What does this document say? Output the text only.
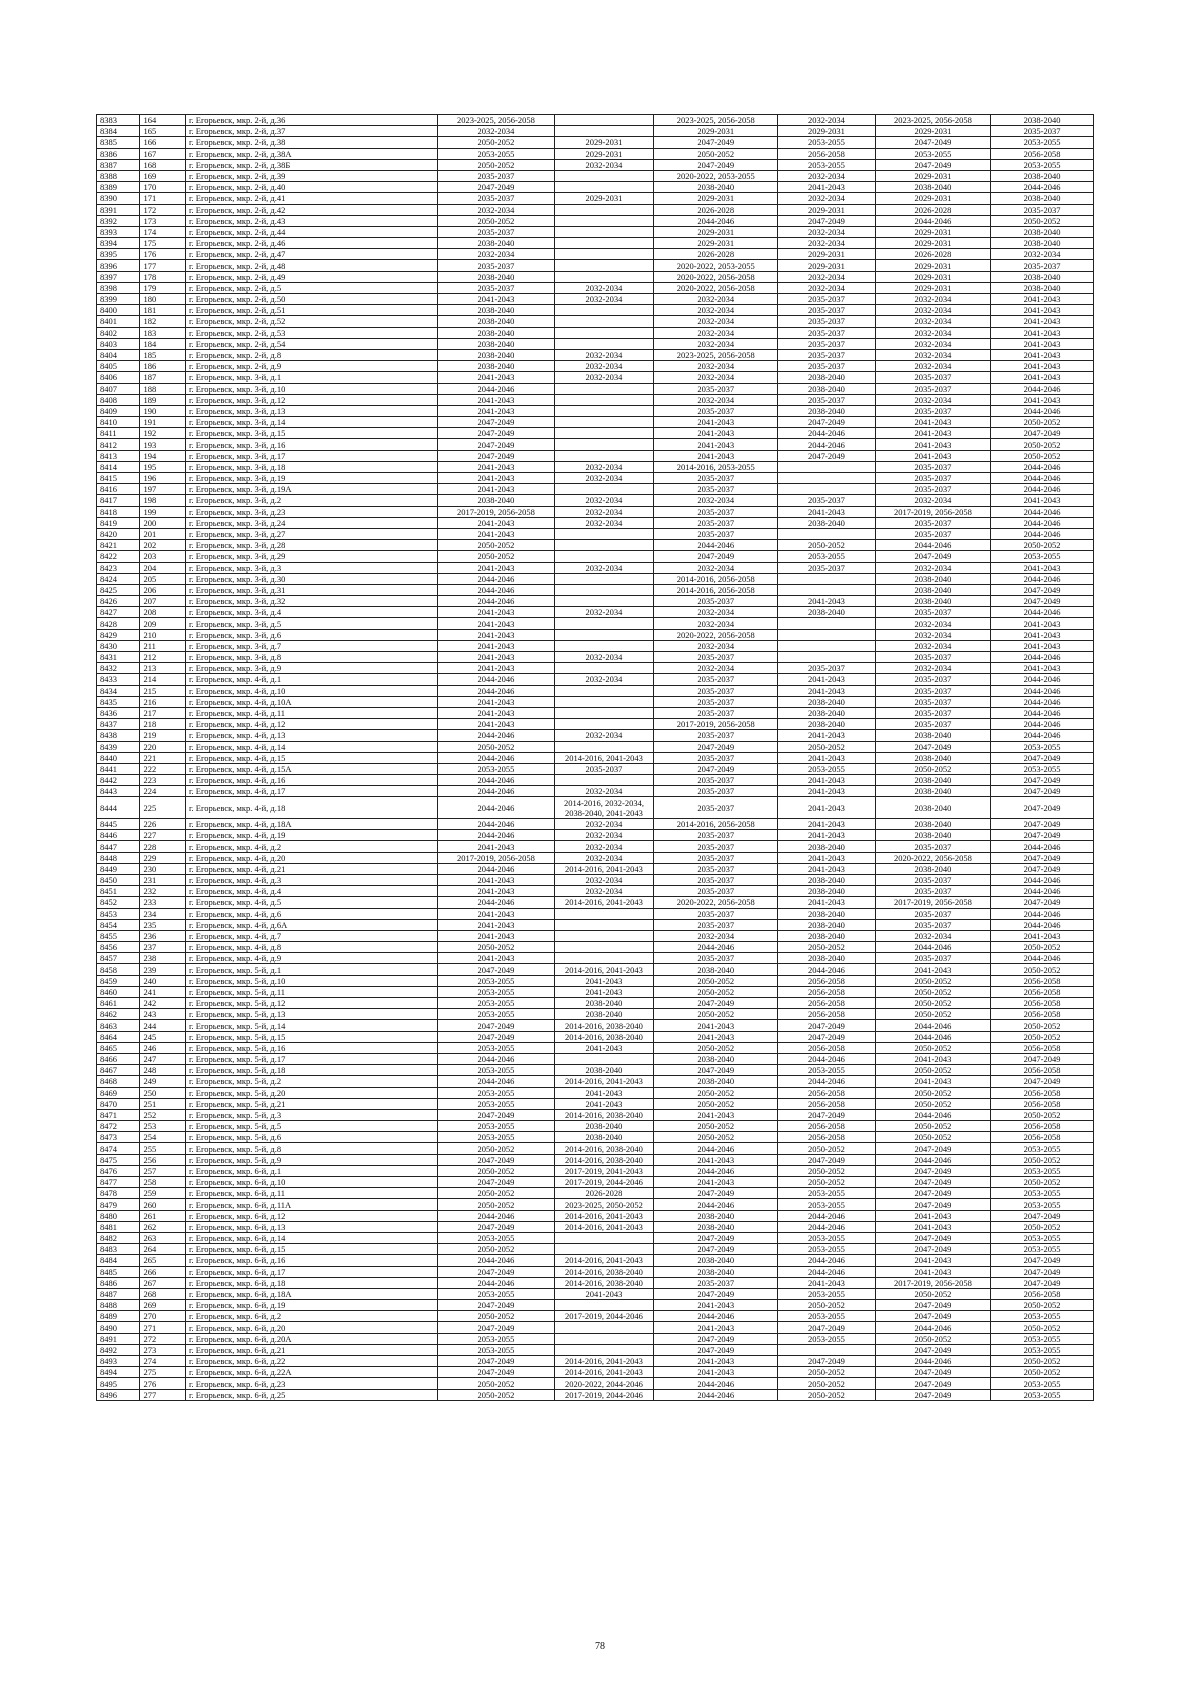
8383	164	г. Егорьевск, мкр. 2-й, д.36	2023-2025, 2056-2058		2023-2025, 2056-2058	2032-2034	2023-2025, 2056-2058	2038-2040
8384	165	г. Егорьевск, мкр. 2-й, д.37	2032-2034		2029-2031	2029-2031	2029-2031	2035-2037
8385	166	г. Егорьевск, мкр. 2-й, д.38	2050-2052	2029-2031	2047-2049	2053-2055	2047-2049	2053-2055
8386	167	г. Егорьевск, мкр. 2-й, д.38А	2053-2055	2029-2031	2050-2052	2056-2058	2053-2055	2056-2058
8387	168	г. Егорьевск, мкр. 2-й, д.38Б	2050-2052	2032-2034	2047-2049	2053-2055	2047-2049	2053-2055
8388	169	г. Егорьевск, мкр. 2-й, д.39	2035-2037		2020-2022, 2053-2055	2032-2034	2029-2031	2038-2040
8389	170	г. Егорьевск, мкр. 2-й, д.40	2047-2049		2038-2040	2041-2043	2038-2040	2044-2046
8390	171	г. Егорьевск, мкр. 2-й, д.41	2035-2037	2029-2031	2029-2031	2032-2034	2029-2031	2038-2040
8391	172	г. Егорьевск, мкр. 2-й, д.42	2032-2034		2026-2028	2029-2031	2026-2028	2035-2037
8392	173	г. Егорьевск, мкр. 2-й, д.43	2050-2052		2044-2046	2047-2049	2044-2046	2050-2052
8393	174	г. Егорьевск, мкр. 2-й, д.44	2035-2037		2029-2031	2032-2034	2029-2031	2038-2040
8394	175	г. Егорьевск, мкр. 2-й, д.46	2038-2040		2029-2031	2032-2034	2029-2031	2038-2040
8395	176	г. Егорьевск, мкр. 2-й, д.47	2032-2034		2026-2028	2029-2031	2026-2028	2032-2034
8396	177	г. Егорьевск, мкр. 2-й, д.48	2035-2037		2020-2022, 2053-2055	2029-2031	2029-2031	2035-2037
8397	178	г. Егорьевск, мкр. 2-й, д.49	2038-2040		2020-2022, 2056-2058	2032-2034	2029-2031	2038-2040
8398	179	г. Егорьевск, мкр. 2-й, д.5	2035-2037	2032-2034	2020-2022, 2056-2058	2032-2034	2029-2031	2038-2040
8399	180	г. Егорьевск, мкр. 2-й, д.50	2041-2043	2032-2034	2032-2034	2035-2037	2032-2034	2041-2043
8400	181	г. Егорьевск, мкр. 2-й, д.51	2038-2040		2032-2034	2035-2037	2032-2034	2041-2043
8401	182	г. Егорьевск, мкр. 2-й, д.52	2038-2040		2032-2034	2035-2037	2032-2034	2041-2043
8402	183	г. Егорьевск, мкр. 2-й, д.53	2038-2040		2032-2034	2035-2037	2032-2034	2041-2043
8403	184	г. Егорьевск, мкр. 2-й, д.54	2038-2040		2032-2034	2035-2037	2032-2034	2041-2043
8404	185	г. Егорьевск, мкр. 2-й, д.8	2038-2040	2032-2034	2023-2025, 2056-2058	2035-2037	2032-2034	2041-2043
8405	186	г. Егорьевск, мкр. 2-й, д.9	2038-2040	2032-2034	2032-2034	2035-2037	2032-2034	2041-2043
8406	187	г. Егорьевск, мкр. 3-й, д.1	2041-2043	2032-2034	2032-2034	2038-2040	2035-2037	2041-2043
8407	188	г. Егорьевск, мкр. 3-й, д.10	2044-2046		2035-2037	2038-2040	2035-2037	2044-2046
8408	189	г. Егорьевск, мкр. 3-й, д.12	2041-2043		2032-2034	2035-2037	2032-2034	2041-2043
8409	190	г. Егорьевск, мкр. 3-й, д.13	2041-2043		2035-2037	2038-2040	2035-2037	2044-2046
8410	191	г. Егорьевск, мкр. 3-й, д.14	2047-2049		2041-2043	2047-2049	2041-2043	2050-2052
8411	192	г. Егорьевск, мкр. 3-й, д.15	2047-2049		2041-2043	2044-2046	2041-2043	2047-2049
8412	193	г. Егорьевск, мкр. 3-й, д.16	2047-2049		2041-2043	2044-2046	2041-2043	2050-2052
8413	194	г. Егорьевск, мкр. 3-й, д.17	2047-2049		2041-2043	2047-2049	2041-2043	2050-2052
8414	195	г. Егорьевск, мкр. 3-й, д.18	2041-2043	2032-2034	2014-2016, 2053-2055		2035-2037	2044-2046
8415	196	г. Егорьевск, мкр. 3-й, д.19	2041-2043	2032-2034	2035-2037		2035-2037	2044-2046
8416	197	г. Егорьевск, мкр. 3-й, д.19А	2041-2043		2035-2037		2035-2037	2044-2046
8417	198	г. Егорьевск, мкр. 3-й, д.2	2038-2040	2032-2034	2032-2034	2035-2037	2032-2034	2041-2043
8418	199	г. Егорьевск, мкр. 3-й, д.23	2017-2019, 2056-2058	2032-2034	2035-2037	2041-2043	2017-2019, 2056-2058	2044-2046
8419	200	г. Егорьевск, мкр. 3-й, д.24	2041-2043	2032-2034	2035-2037	2038-2040	2035-2037	2044-2046
8420	201	г. Егорьевск, мкр. 3-й, д.27	2041-2043		2035-2037		2035-2037	2044-2046
8421	202	г. Егорьевск, мкр. 3-й, д.28	2050-2052		2044-2046	2050-2052	2044-2046	2050-2052
8422	203	г. Егорьевск, мкр. 3-й, д.29	2050-2052		2047-2049	2053-2055	2047-2049	2053-2055
8423	204	г. Егорьевск, мкр. 3-й, д.3	2041-2043	2032-2034	2032-2034	2035-2037	2032-2034	2041-2043
8424	205	г. Егорьевск, мкр. 3-й, д.30	2044-2046		2014-2016, 2056-2058		2038-2040	2044-2046
8425	206	г. Егорьевск, мкр. 3-й, д.31	2044-2046		2014-2016, 2056-2058		2038-2040	2047-2049
8426	207	г. Егорьевск, мкр. 3-й, д.32	2044-2046		2035-2037	2041-2043	2038-2040	2047-2049
8427	208	г. Егорьевск, мкр. 3-й, д.4	2041-2043	2032-2034	2032-2034	2038-2040	2035-2037	2044-2046
8428	209	г. Егорьевск, мкр. 3-й, д.5	2041-2043		2032-2034		2032-2034	2041-2043
8429	210	г. Егорьевск, мкр. 3-й, д.6	2041-2043		2020-2022, 2056-2058		2032-2034	2041-2043
8430	211	г. Егорьевск, мкр. 3-й, д.7	2041-2043		2032-2034		2032-2034	2041-2043
8431	212	г. Егорьевск, мкр. 3-й, д.8	2041-2043	2032-2034	2035-2037		2035-2037	2044-2046
8432	213	г. Егорьевск, мкр. 3-й, д.9	2041-2043		2032-2034	2035-2037	2032-2034	2041-2043
8433	214	г. Егорьевск, мкр. 4-й, д.1	2044-2046	2032-2034	2035-2037	2041-2043	2035-2037	2044-2046
8434	215	г. Егорьевск, мкр. 4-й, д.10	2044-2046		2035-2037	2041-2043	2035-2037	2044-2046
8435	216	г. Егорьевск, мкр. 4-й, д.10А	2041-2043		2035-2037	2038-2040	2035-2037	2044-2046
8436	217	г. Егорьевск, мкр. 4-й, д.11	2041-2043		2035-2037	2038-2040	2035-2037	2044-2046
8437	218	г. Егорьевск, мкр. 4-й, д.12	2041-2043		2017-2019, 2056-2058	2038-2040	2035-2037	2044-2046
8438	219	г. Егорьевск, мкр. 4-й, д.13	2044-2046	2032-2034	2035-2037	2041-2043	2038-2040	2044-2046
8439	220	г. Егорьевск, мкр. 4-й, д.14	2050-2052		2047-2049	2050-2052	2047-2049	2053-2055
8440	221	г. Егорьевск, мкр. 4-й, д.15	2044-2046	2014-2016, 2041-2043	2035-2037	2041-2043	2038-2040	2047-2049
8441	222	г. Егорьевск, мкр. 4-й, д.15А	2053-2055	2035-2037	2047-2049	2053-2055	2050-2052	2053-2055
8442	223	г. Егорьевск, мкр. 4-й, д.16	2044-2046		2035-2037	2041-2043	2038-2040	2047-2049
8443	224	г. Егорьевск, мкр. 4-й, д.17	2044-2046	2032-2034	2035-2037	2041-2043	2038-2040	2047-2049
8444	225	г. Егорьевск, мкр. 4-й, д.18	2044-2046	2014-2016, 2032-2034, 2038-2040, 2041-2043	2035-2037	2041-2043	2038-2040	2047-2049
8445	226	г. Егорьевск, мкр. 4-й, д.18А	2044-2046	2032-2034	2014-2016, 2056-2058	2041-2043	2038-2040	2047-2049
8446	227	г. Егорьевск, мкр. 4-й, д.19	2044-2046	2032-2034	2035-2037	2041-2043	2038-2040	2047-2049
8447	228	г. Егорьевск, мкр. 4-й, д.2	2041-2043	2032-2034	2035-2037	2038-2040	2035-2037	2044-2046
8448	229	г. Егорьевск, мкр. 4-й, д.20	2017-2019, 2056-2058	2032-2034	2035-2037	2041-2043	2020-2022, 2056-2058	2047-2049
8449	230	г. Егорьевск, мкр. 4-й, д.21	2044-2046	2014-2016, 2041-2043	2035-2037	2041-2043	2038-2040	2047-2049
8450	231	г. Егорьевск, мкр. 4-й, д.3	2041-2043	2032-2034	2035-2037	2038-2040	2035-2037	2044-2046
8451	232	г. Егорьевск, мкр. 4-й, д.4	2041-2043	2032-2034	2035-2037	2038-2040	2035-2037	2044-2046
8452	233	г. Егорьевск, мкр. 4-й, д.5	2044-2046	2014-2016, 2041-2043	2020-2022, 2056-2058	2041-2043	2017-2019, 2056-2058	2047-2049
8453	234	г. Егорьевск, мкр. 4-й, д.6	2041-2043		2035-2037	2038-2040	2035-2037	2044-2046
8454	235	г. Егорьевск, мкр. 4-й, д.6А	2041-2043		2035-2037	2038-2040	2035-2037	2044-2046
8455	236	г. Егорьевск, мкр. 4-й, д.7	2041-2043		2032-2034	2038-2040	2032-2034	2041-2043
8456	237	г. Егорьевск, мкр. 4-й, д.8	2050-2052		2044-2046	2050-2052	2044-2046	2050-2052
8457	238	г. Егорьевск, мкр. 4-й, д.9	2041-2043		2035-2037	2038-2040	2035-2037	2044-2046
8458	239	г. Егорьевск, мкр. 5-й, д.1	2047-2049	2014-2016, 2041-2043	2038-2040	2044-2046	2041-2043	2050-2052
8459	240	г. Егорьевск, мкр. 5-й, д.10	2053-2055	2041-2043	2050-2052	2056-2058	2050-2052	2056-2058
8460	241	г. Егорьевск, мкр. 5-й, д.11	2053-2055	2041-2043	2050-2052	2056-2058	2050-2052	2056-2058
8461	242	г. Егорьевск, мкр. 5-й, д.12	2053-2055	2038-2040	2047-2049	2056-2058	2050-2052	2056-2058
8462	243	г. Егорьевск, мкр. 5-й, д.13	2053-2055	2038-2040	2050-2052	2056-2058	2050-2052	2056-2058
8463	244	г. Егорьевск, мкр. 5-й, д.14	2047-2049	2014-2016, 2038-2040	2041-2043	2047-2049	2044-2046	2050-2052
8464	245	г. Егорьевск, мкр. 5-й, д.15	2047-2049	2014-2016, 2038-2040	2041-2043	2047-2049	2044-2046	2050-2052
8465	246	г. Егорьевск, мкр. 5-й, д.16	2053-2055	2041-2043	2050-2052	2056-2058	2050-2052	2056-2058
8466	247	г. Егорьевск, мкр. 5-й, д.17	2044-2046		2038-2040	2044-2046	2041-2043	2047-2049
8467	248	г. Егорьевск, мкр. 5-й, д.18	2053-2055	2038-2040	2047-2049	2053-2055	2050-2052	2056-2058
8468	249	г. Егорьевск, мкр. 5-й, д.2	2044-2046	2014-2016, 2041-2043	2038-2040	2044-2046	2041-2043	2047-2049
8469	250	г. Егорьевск, мкр. 5-й, д.20	2053-2055	2041-2043	2050-2052	2056-2058	2050-2052	2056-2058
8470	251	г. Егорьевск, мкр. 5-й, д.21	2053-2055	2041-2043	2050-2052	2056-2058	2050-2052	2056-2058
8471	252	г. Егорьевск, мкр. 5-й, д.3	2047-2049	2014-2016, 2038-2040	2041-2043	2047-2049	2044-2046	2050-2052
8472	253	г. Егорьевск, мкр. 5-й, д.5	2053-2055	2038-2040	2050-2052	2056-2058	2050-2052	2056-2058
8473	254	г. Егорьевск, мкр. 5-й, д.6	2053-2055	2038-2040	2050-2052	2056-2058	2050-2052	2056-2058
8474	255	г. Егорьевск, мкр. 5-й, д.8	2050-2052	2014-2016, 2038-2040	2044-2046	2050-2052	2047-2049	2053-2055
8475	256	г. Егорьевск, мкр. 5-й, д.9	2047-2049	2014-2016, 2038-2040	2041-2043	2047-2049	2044-2046	2050-2052
8476	257	г. Егорьевск, мкр. 6-й, д.1	2050-2052	2017-2019, 2041-2043	2044-2046	2050-2052	2047-2049	2053-2055
8477	258	г. Егорьевск, мкр. 6-й, д.10	2047-2049	2017-2019, 2044-2046	2041-2043	2050-2052	2047-2049	2050-2052
8478	259	г. Егорьевск, мкр. 6-й, д.11	2050-2052	2026-2028	2047-2049	2053-2055	2047-2049	2053-2055
8479	260	г. Егорьевск, мкр. 6-й, д.11А	2050-2052	2023-2025, 2050-2052	2044-2046	2053-2055	2047-2049	2053-2055
8480	261	г. Егорьевск, мкр. 6-й, д.12	2044-2046	2014-2016, 2041-2043	2038-2040	2044-2046	2041-2043	2047-2049
8481	262	г. Егорьевск, мкр. 6-й, д.13	2047-2049	2014-2016, 2041-2043	2038-2040	2044-2046	2041-2043	2050-2052
8482	263	г. Егорьевск, мкр. 6-й, д.14	2053-2055		2047-2049	2053-2055	2047-2049	2053-2055
8483	264	г. Егорьевск, мкр. 6-й, д.15	2050-2052		2047-2049	2053-2055	2047-2049	2053-2055
8484	265	г. Егорьевск, мкр. 6-й, д.16	2044-2046	2014-2016, 2041-2043	2038-2040	2044-2046	2041-2043	2047-2049
8485	266	г. Егорьевск, мкр. 6-й, д.17	2047-2049	2014-2016, 2038-2040	2038-2040	2044-2046	2041-2043	2047-2049
8486	267	г. Егорьевск, мкр. 6-й, д.18	2044-2046	2014-2016, 2038-2040	2035-2037	2041-2043	2017-2019, 2056-2058	2047-2049
8487	268	г. Егорьевск, мкр. 6-й, д.18А	2053-2055	2041-2043	2047-2049	2053-2055	2050-2052	2056-2058
8488	269	г. Егорьевск, мкр. 6-й, д.19	2047-2049		2041-2043	2050-2052	2047-2049	2050-2052
8489	270	г. Егорьевск, мкр. 6-й, д.2	2050-2052	2017-2019, 2044-2046	2044-2046	2053-2055	2047-2049	2053-2055
8490	271	г. Егорьевск, мкр. 6-й, д.20	2047-2049		2041-2043	2047-2049	2044-2046	2050-2052
8491	272	г. Егорьевск, мкр. 6-й, д.20А	2053-2055		2047-2049	2053-2055	2050-2052	2053-2055
8492	273	г. Егорьевск, мкр. 6-й, д.21	2053-2055		2047-2049		2047-2049	2053-2055
8493	274	г. Егорьевск, мкр. 6-й, д.22	2047-2049	2014-2016, 2041-2043	2041-2043	2047-2049	2044-2046	2050-2052
8494	275	г. Егорьевск, мкр. 6-й, д.22А	2047-2049	2014-2016, 2041-2043	2041-2043	2050-2052	2047-2049	2050-2052
8495	276	г. Егорьевск, мкр. 6-й, д.23	2050-2052	2020-2022, 2044-2046	2044-2046	2050-2052	2047-2049	2053-2055
8496	277	г. Егорьевск, мкр. 6-й, д.25	2050-2052	2017-2019, 2044-2046	2044-2046	2050-2052	2047-2049	2053-2055
78
